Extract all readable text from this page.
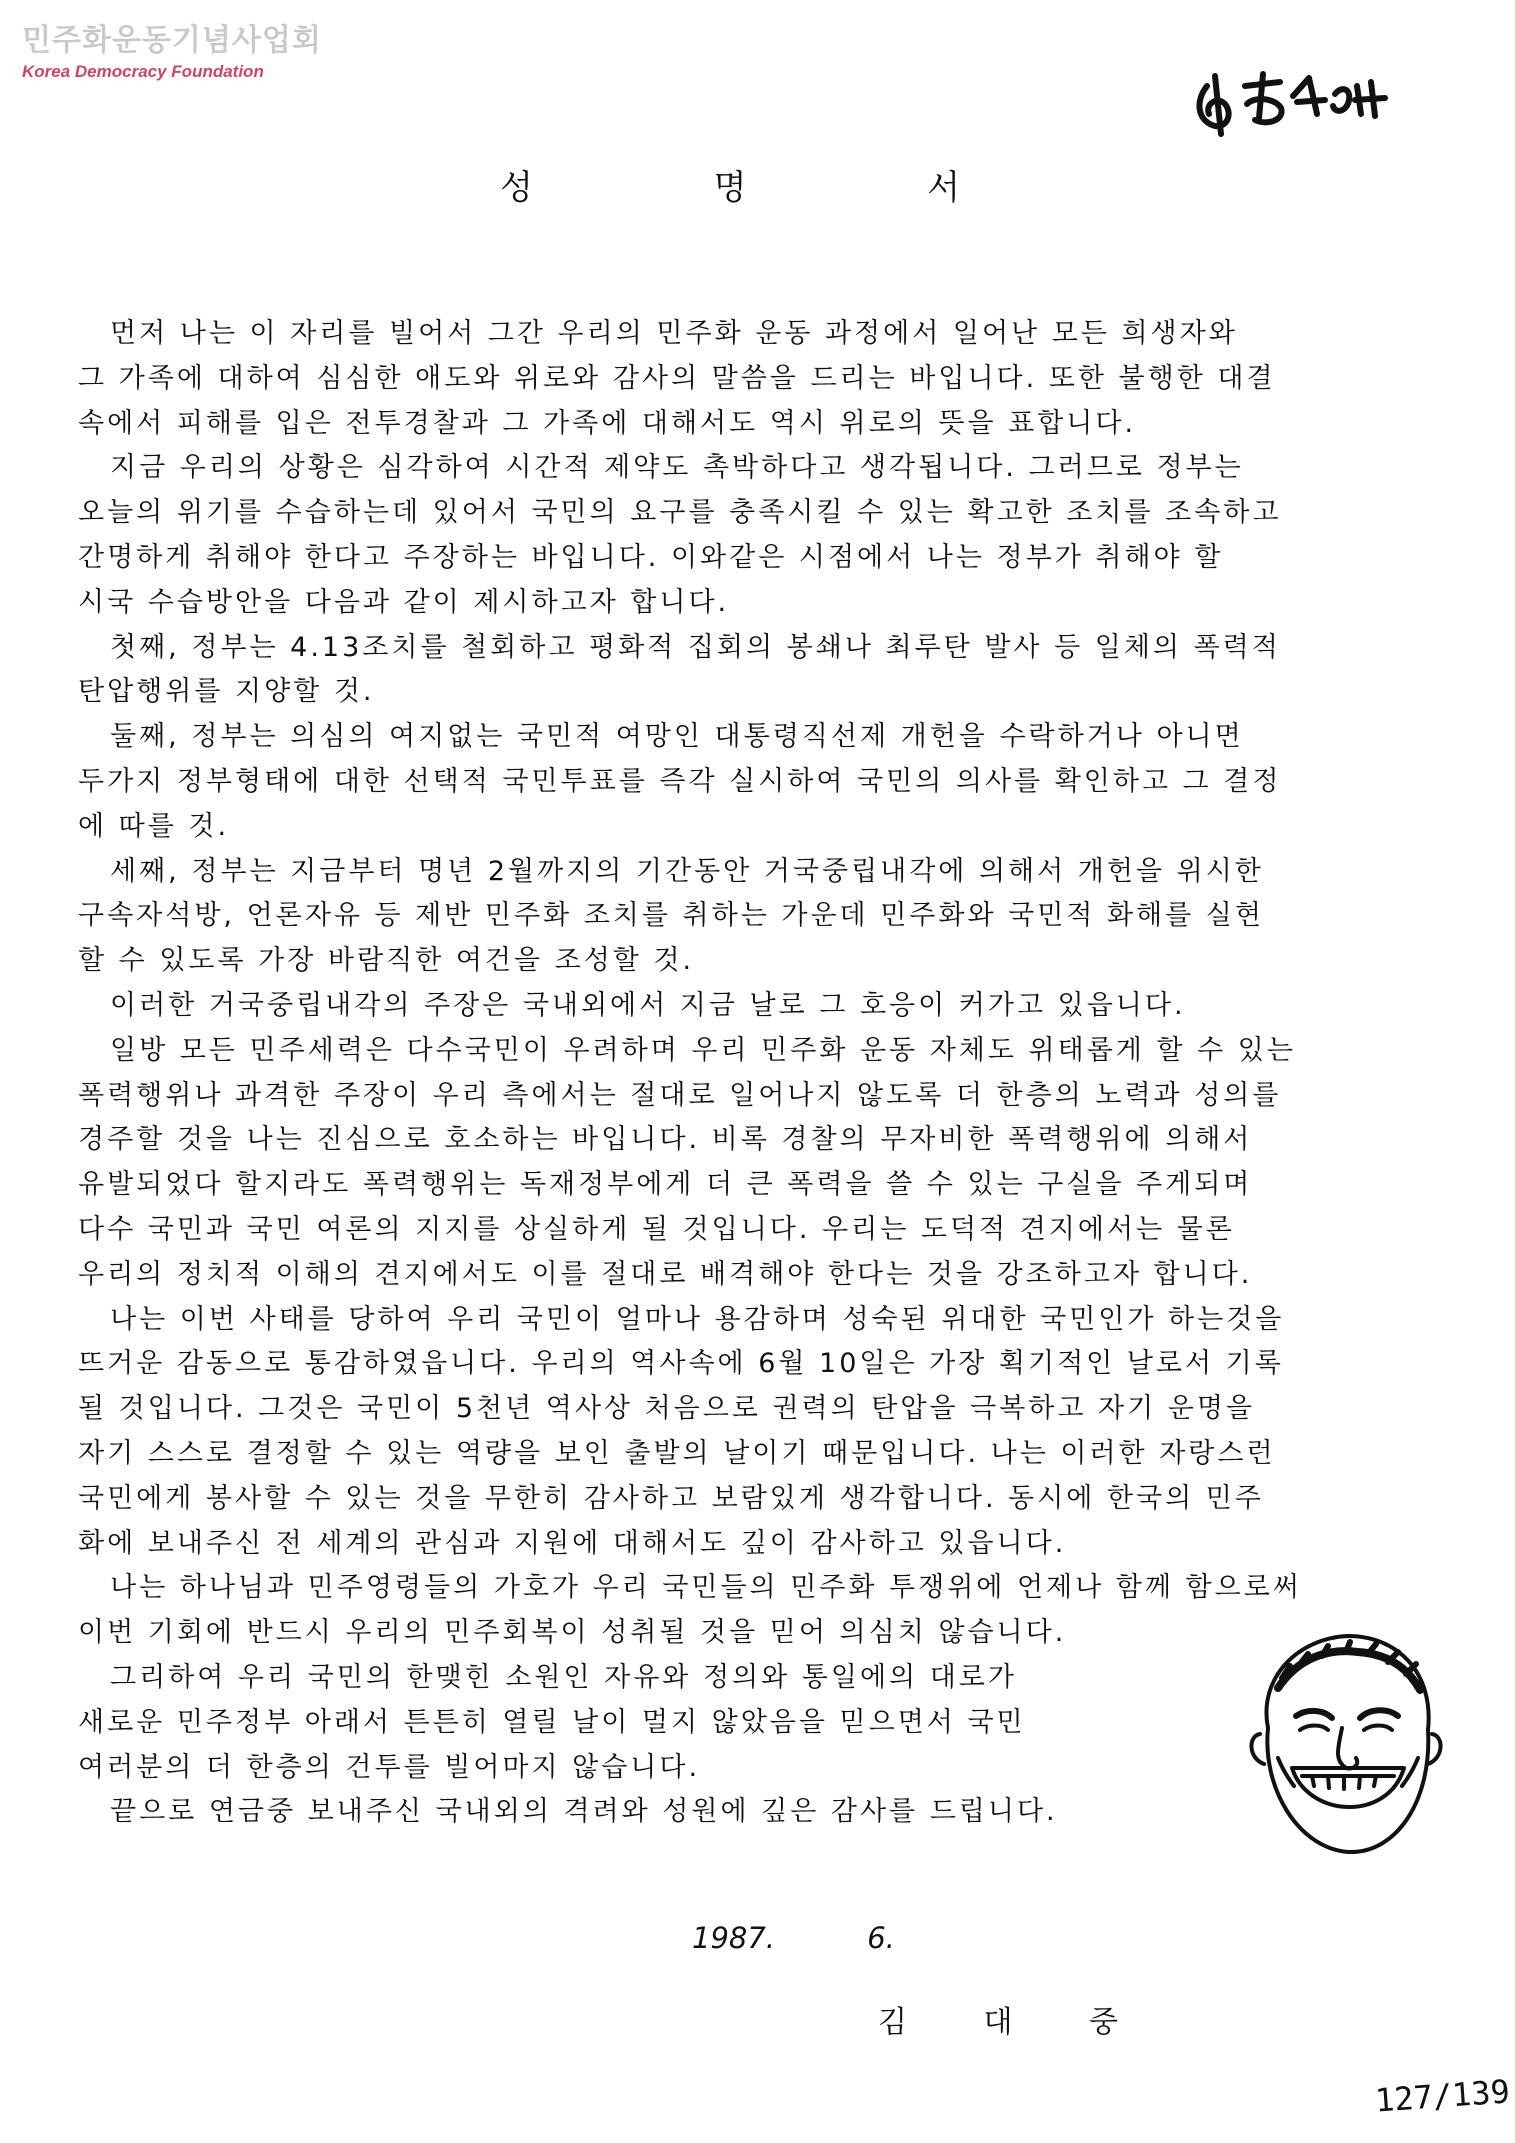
민주화운동기념사업회
Korea Democracy Foundation
성	명	서
먼저 나는 이 자리를 빌어서 그간 우리의 민주화 운동 과정에서 일어난 모든 희생자와
그 가족에 대하여 심심한 애도와 위로와 감사의 말씀을 드리는 바입니다. 또한 불행한 대결
속에서 피해를 입은 전투경찰과 그 가족에 대해서도 역시 위로의 뜻을 표합니다.
지금 우리의 상황은 심각하여 시간적 제약도 촉박하다고 생각됩니다. 그러므로 정부는
오늘의 위기를 수습하는데 있어서 국민의 요구를 충족시킬 수 있는 확고한 조치를 조속하고
간명하게 취해야 한다고 주장하는 바입니다. 이와같은 시점에서 나는 정부가 취해야 할
시국 수습방안을 다음과 같이 제시하고자 합니다.
첫째, 정부는 4.13조치를 철회하고 평화적 집회의 봉쇄나 최루탄 발사 등 일체의 폭력적
탄압행위를 지양할 것.
둘째, 정부는 의심의 여지없는 국민적 여망인 대통령직선제 개헌을 수락하거나 아니면
두가지 정부형태에 대한 선택적 국민투표를 즉각 실시하여 국민의 의사를 확인하고 그 결정
에 따를 것.
세째, 정부는 지금부터 명년 2월까지의 기간동안 거국중립내각에 의해서 개헌을 위시한
구속자석방, 언론자유 등 제반 민주화 조치를 취하는 가운데 민주화와 국민적 화해를 실현
할 수 있도록 가장 바람직한 여건을 조성할 것.
이러한 거국중립내각의 주장은 국내외에서 지금 날로 그 호응이 커가고 있읍니다.
일방 모든 민주세력은 다수국민이 우려하며 우리 민주화 운동 자체도 위태롭게 할 수 있는
폭력행위나 과격한 주장이 우리 측에서는 절대로 일어나지 않도록 더 한층의 노력과 성의를
경주할 것을 나는 진심으로 호소하는 바입니다. 비록 경찰의 무자비한 폭력행위에 의해서
유발되었다 할지라도 폭력행위는 독재정부에게 더 큰 폭력을 쓸 수 있는 구실을 주게되며
다수 국민과 국민 여론의 지지를 상실하게 될 것입니다. 우리는 도덕적 견지에서는 물론
우리의 정치적 이해의 견지에서도 이를 절대로 배격해야 한다는 것을 강조하고자 합니다.
나는 이번 사태를 당하여 우리 국민이 얼마나 용감하며 성숙된 위대한 국민인가 하는것을
뜨거운 감동으로 통감하였읍니다. 우리의 역사속에 6월 10일은 가장 획기적인 날로서 기록
될 것입니다. 그것은 국민이 5천년 역사상 처음으로 권력의 탄압을 극복하고 자기 운명을
자기 스스로 결정할 수 있는 역량을 보인 출발의 날이기 때문입니다. 나는 이러한 자랑스런
국민에게 봉사할 수 있는 것을 무한히 감사하고 보람있게 생각합니다. 동시에 한국의 민주
화에 보내주신 전 세계의 관심과 지원에 대해서도 깊이 감사하고 있읍니다.
나는 하나님과 민주영령들의 가호가 우리 국민들의 민주화 투쟁위에 언제나 함께 함으로써
이번 기회에 반드시 우리의 민주회복이 성취될 것을 믿어 의심치 않습니다.
그리하여 우리 국민의 한맺힌 소원인 자유와 정의와 통일에의 대로가
새로운 민주정부 아래서 튼튼히 열릴 날이 멀지 않았음을 믿으면서 국민
여러분의 더 한층의 건투를 빌어마지 않습니다.
끝으로 연금중 보내주신 국내외의 격려와 성원에 깊은 감사를 드립니다.
1987.	6.
김	대	중
127/139
